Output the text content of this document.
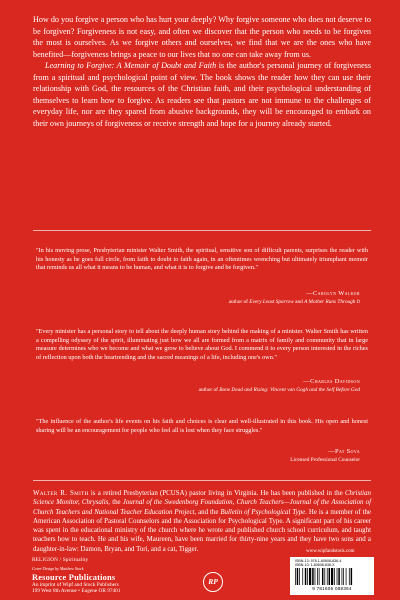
How do you forgive a person who has hurt your deeply? Why forgive someone who does not deserve to be forgiven? Forgiveness is not easy, and often we discover that the person who needs to be forgiven the most is ourselves. As we forgive others and ourselves, we find that we are the ones who have benefited—forgiveness brings a peace to our lives that no one can take away from us.

Learning to Forgive: A Memoir of Doubt and Faith is the author's personal journey of forgiveness from a spiritual and psychological point of view. The book shows the reader how they can use their relationship with God, the resources of the Christian faith, and their psychological understanding of themselves to learn how to forgive. As readers see that pastors are not immune to the challenges of everyday life, nor are they spared from abusive backgrounds, they will be encouraged to embark on their own journeys of forgiveness or receive strength and hope for a journey already started.

"In his moving prose, Presbyterian minister Walter Smith, the spiritual, sensitive son of difficult parents, surprises the reader with his honesty as he goes full circle, from faith to doubt to faith again, in an oftentimes wrenching but ultimately triumphant memoir that reminds us all what it means to be human, and what it is to forgive and be forgiven."

—Carolyn Walker
author of Every Least Sparrow and A Mother Runs Through It

"Every minister has a personal story to tell about the deeply human story behind the making of a minister. Walter Smith has written a compelling odyssey of the spirit, illuminating just how we all are formed from a matrix of family and community that in large measure determines who we become and what we grow to believe about God. I commend it to every person interested in the riches of reflection upon both the heartrending and the sacred meanings of a life, including one's own."

—Charles Davidson
author of Bone Dead and Rising: Vincent van Gogh and the Self Before God

"The influence of the author's life events on his faith and choices is clear and well-illustrated in this book. His open and honest sharing will be an encouragement for people who feel all is lost when they face struggles."

—Pat Sova
Licensed Professional Counselor

Walter R. Smith is a retired Presbyterian (PCUSA) pastor living in Virginia. He has been published in the Christian Science Monitor, Chrysalis, the Journal of the Swedenborg Foundation, Church Teachers—Journal of the Association of Church Teachers and National Teacher Education Project, and the Bulletin of Psychological Type. He is a member of the American Association of Pastoral Counselors and the Association for Psychological Type. A significant part of his career was spent in the educational ministry of the church where he wrote and published church school curriculum, and taught teachers how to teach. He and his wife, Maureen, have been married for thirty-nine years and they have two sons and a daughter-in-law: Damon, Bryan, and Tori, and a cat, Tigger.	www.wipfandstock.com
RELIGION / Spirituality
Cover Design by Matthew Stock
Resource Publications
An imprint of Wipf and Stock Publishers
199 West 8th Avenue • Eugene OR 97401
RP
ISBN-13: 978-1-60608-836-4
ISBN-10: 1-60608-836-X
9 781606 088364
